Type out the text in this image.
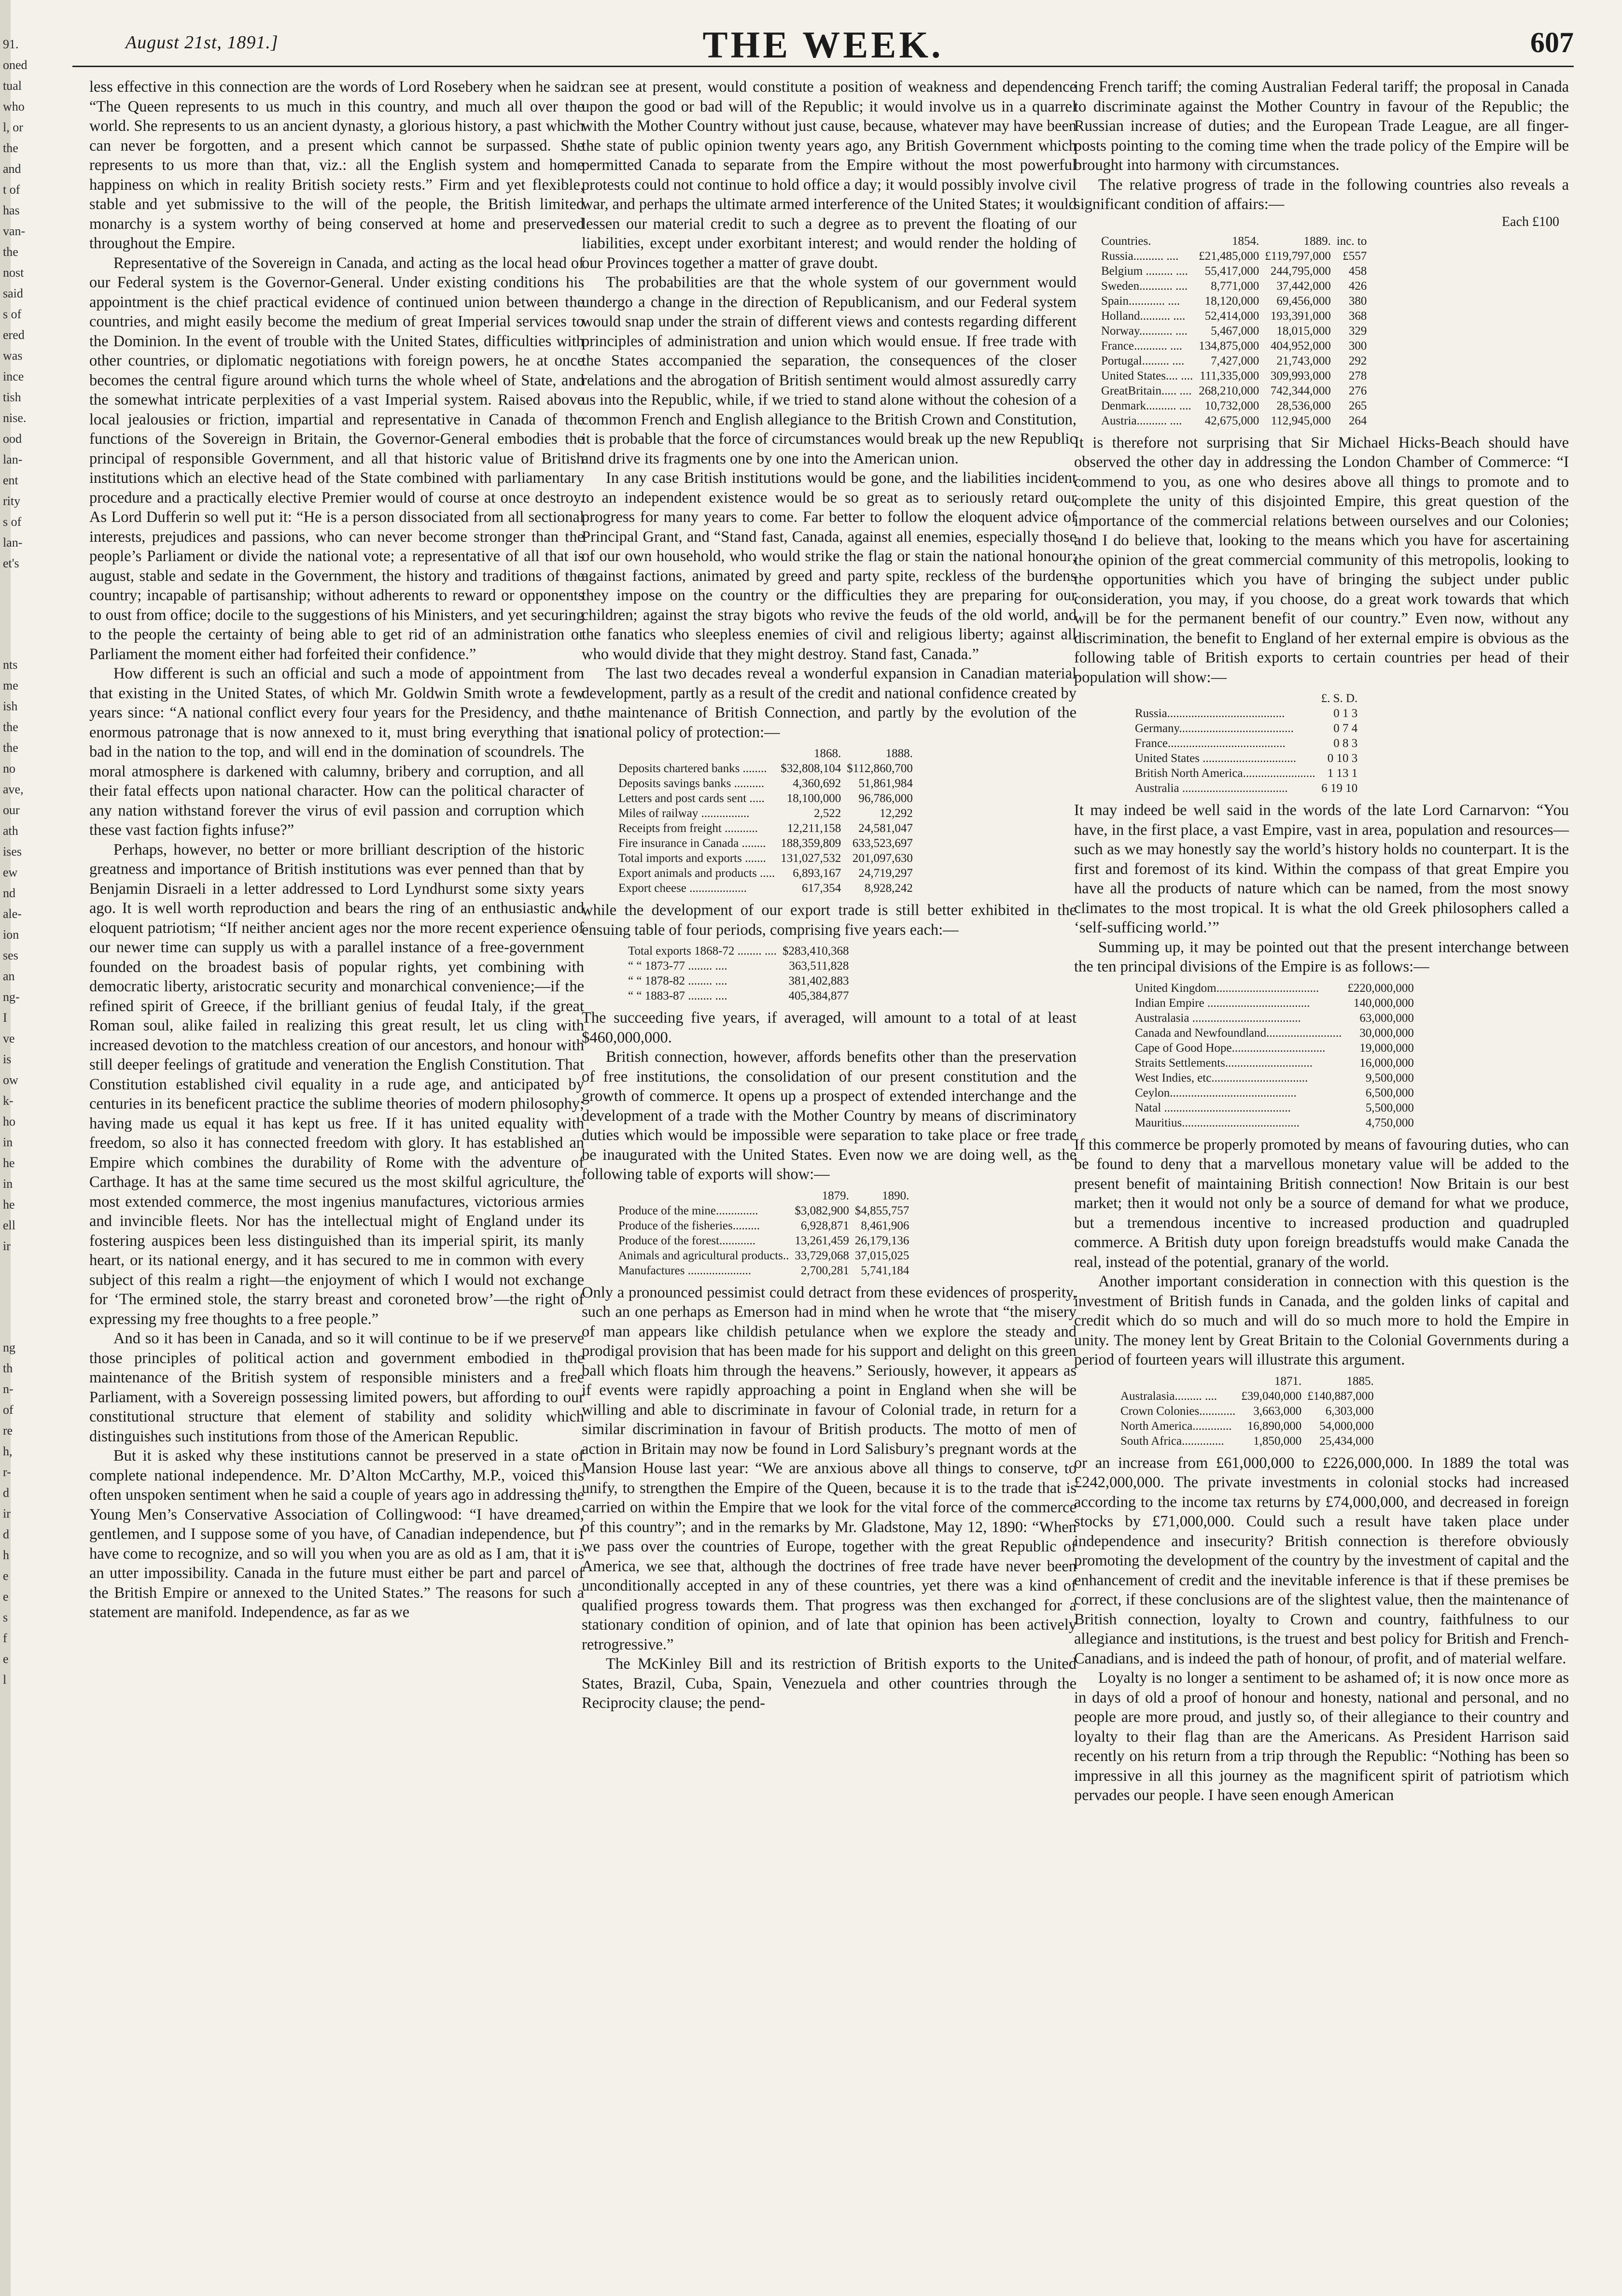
91.
oned
tual
who
l, or
the
and
t of
has
van-
the
nost
said
s of
ered
was
ince
tish
nise.
ood
lan-
ent
rity
s of
lan-
et's
nts
me
ish
the
the
no
ave,
our
ath
ises
ew
nd
ale-
ion
ses
an
ng-
I
ve
is
ow
k-
ho
in
he
in
he
ell
ir
ng
th
n-
of
re
h,
r-
d
ir
d
h
e
e
s
f
e
l
August 21st, 1891.]	THE WEEK.	607

less effective in this connection are the words of Lord Rosebery when he said: “The Queen represents to us much in this country, and much all over the world. She represents to us an ancient dynasty, a glorious history, a past which can never be forgotten, and a present which cannot be surpassed. She represents to us more than that, viz.: all the English system and home happiness on which in reality British society rests.” Firm and yet flexible, stable and yet submissive to the will of the people, the British limited monarchy is a system worthy of being conserved at home and preserved throughout the Empire.

Representative of the Sovereign in Canada, and acting as the local head of our Federal system is the Governor-General. Under existing conditions his appointment is the chief practical evidence of continued union between the countries, and might easily become the medium of great Imperial services to the Dominion. In the event of trouble with the United States, difficulties with other countries, or diplomatic negotiations with foreign powers, he at once becomes the central figure around which turns the whole wheel of State, and the somewhat intricate perplexities of a vast Imperial system. Raised above local jealousies or friction, impartial and representative in Canada of the functions of the Sovereign in Britain, the Governor-General embodies the principal of responsible Government, and all that historic value of British institutions which an elective head of the State combined with parliamentary procedure and a practically elective Premier would of course at once destroy. As Lord Dufferin so well put it: “He is a person dissociated from all sectional interests, prejudices and passions, who can never become stronger than the people’s Parliament or divide the national vote; a representative of all that is august, stable and sedate in the Government, the history and traditions of the country; incapable of partisanship; without adherents to reward or opponents to oust from office; docile to the suggestions of his Ministers, and yet securing to the people the certainty of being able to get rid of an administration or Parliament the moment either had forfeited their confidence.”

How different is such an official and such a mode of appointment from that existing in the United States, of which Mr. Goldwin Smith wrote a few years since: “A national conflict every four years for the Presidency, and the enormous patronage that is now annexed to it, must bring everything that is bad in the nation to the top, and will end in the domination of scoundrels. The moral atmosphere is darkened with calumny, bribery and corruption, and all their fatal effects upon national character. How can the political character of any nation withstand forever the virus of evil passion and corruption which these vast faction fights infuse?”

Perhaps, however, no better or more brilliant description of the historic greatness and importance of British institutions was ever penned than that by Benjamin Disraeli in a letter addressed to Lord Lyndhurst some sixty years ago. It is well worth reproduction and bears the ring of an enthusiastic and eloquent patriotism; “If neither ancient ages nor the more recent experience of our newer time can supply us with a parallel instance of a free-government founded on the broadest basis of popular rights, yet combining with democratic liberty, aristocratic security and monarchical convenience;—if the refined spirit of Greece, if the brilliant genius of feudal Italy, if the great Roman soul, alike failed in realizing this great result, let us cling with increased devotion to the matchless creation of our ancestors, and honour with still deeper feelings of gratitude and veneration the English Constitution. That Constitution established civil equality in a rude age, and anticipated by centuries in its beneficent practice the sublime theories of modern philosophy; having made us equal it has kept us free. If it has united equality with freedom, so also it has connected freedom with glory. It has established an Empire which combines the durability of Rome with the adventure of Carthage. It has at the same time secured us the most skilful agriculture, the most extended commerce, the most ingenius manufactures, victorious armies and invincible fleets. Nor has the intellectual might of England under its fostering auspices been less distinguished than its imperial spirit, its manly heart, or its national energy, and it has secured to me in common with every subject of this realm a right—the enjoyment of which I would not exchange for ‘The ermined stole, the starry breast and coroneted brow’—the right of expressing my free thoughts to a free people.”

And so it has been in Canada, and so it will continue to be if we preserve those principles of political action and government embodied in the maintenance of the British system of responsible ministers and a free Parliament, with a Sovereign possessing limited powers, but affording to our constitutional structure that element of stability and solidity which distinguishes such institutions from those of the American Republic.

But it is asked why these institutions cannot be preserved in a state of complete national independence. Mr. D’Alton McCarthy, M.P., voiced this often unspoken sentiment when he said a couple of years ago in addressing the Young Men’s Conservative Association of Collingwood: “I have dreamed, gentlemen, and I suppose some of you have, of Canadian independence, but I have come to recognize, and so will you when you are as old as I am, that it is an utter impossibility. Canada in the future must either be part and parcel of the British Empire or annexed to the United States.” The reasons for such a statement are manifold. Independence, as far as we

can see at present, would constitute a position of weakness and dependence upon the good or bad will of the Republic; it would involve us in a quarrel with the Mother Country without just cause, because, whatever may have been the state of public opinion twenty years ago, any British Government which permitted Canada to separate from the Empire without the most powerful protests could not continue to hold office a day; it would possibly involve civil war, and perhaps the ultimate armed interference of the United States; it would lessen our material credit to such a degree as to prevent the floating of our liabilities, except under exorbitant interest; and would render the holding of our Provinces together a matter of grave doubt.

The probabilities are that the whole system of our government would undergo a change in the direction of Republicanism, and our Federal system would snap under the strain of different views and contests regarding different principles of administration and union which would ensue. If free trade with the States accompanied the separation, the consequences of the closer relations and the abrogation of British sentiment would almost assuredly carry us into the Republic, while, if we tried to stand alone without the cohesion of a common French and English allegiance to the British Crown and Constitution, it is probable that the force of circumstances would break up the new Republic and drive its fragments one by one into the American union.

In any case British institutions would be gone, and the liabilities incident to an independent existence would be so great as to seriously retard our progress for many years to come. Far better to follow the eloquent advice of Principal Grant, and “Stand fast, Canada, against all enemies, especially those of our own household, who would strike the flag or stain the national honour; against factions, animated by greed and party spite, reckless of the burdens they impose on the country or the difficulties they are preparing for our children; against the stray bigots who revive the feuds of the old world, and the fanatics who sleepless enemies of civil and religious liberty; against all who would divide that they might destroy. Stand fast, Canada.”

The last two decades reveal a wonderful expansion in Canadian material development, partly as a result of the credit and national confidence created by the maintenance of British Connection, and partly by the evolution of the national policy of protection:—

	1868.	1888.
Deposits chartered banks ........	$32,808,104	$112,860,700
Deposits savings banks ..........	4,360,692	51,861,984
Letters and post cards sent .....	18,100,000	96,786,000
Miles of railway ................	2,522	12,292
Receipts from freight ...........	12,211,158	24,581,047
Fire insurance in Canada ........	188,359,809	633,523,697
Total imports and exports .......	131,027,532	201,097,630
Export animals and products .....	6,893,167	24,719,297
Export cheese ...................	617,354	8,928,242

while the development of our export trade is still better exhibited in the ensuing table of four periods, comprising five years each:—

Total exports 1868-72 ........ ....	$283,410,368
“ “ 1873-77 ........ ....	363,511,828
“ “ 1878-82 ........ ....	381,402,883
“ “ 1883-87 ........ ....	405,384,877

The succeeding five years, if averaged, will amount to a total of at least $460,000,000.

British connection, however, affords benefits other than the preservation of free institutions, the consolidation of our present constitution and the growth of commerce. It opens up a prospect of extended interchange and the development of a trade with the Mother Country by means of discriminatory duties which would be impossible were separation to take place or free trade be inaugurated with the United States. Even now we are doing well, as the following table of exports will show:—

	1879.	1890.
Produce of the mine..............	$3,082,900	$4,855,757
Produce of the fisheries.........	6,928,871	8,461,906
Produce of the forest............	13,261,459	26,179,136
Animals and agricultural products..	33,729,068	37,015,025
Manufactures .....................	2,700,281	5,741,184

Only a pronounced pessimist could detract from these evidences of prosperity, such an one perhaps as Emerson had in mind when he wrote that “the misery of man appears like childish petulance when we explore the steady and prodigal provision that has been made for his support and delight on this green ball which floats him through the heavens.” Seriously, however, it appears as if events were rapidly approaching a point in England when she will be willing and able to discriminate in favour of Colonial trade, in return for a similar discrimination in favour of British products. The motto of men of action in Britain may now be found in Lord Salisbury’s pregnant words at the Mansion House last year: “We are anxious above all things to conserve, to unify, to strengthen the Empire of the Queen, because it is to the trade that is carried on within the Empire that we look for the vital force of the commerce of this country”; and in the remarks by Mr. Gladstone, May 12, 1890: “When we pass over the countries of Europe, together with the great Republic of America, we see that, although the doctrines of free trade have never been unconditionally accepted in any of these countries, yet there was a kind of qualified progress towards them. That progress was then exchanged for a stationary condition of opinion, and of late that opinion has been actively retrogressive.”

The McKinley Bill and its restriction of British exports to the United States, Brazil, Cuba, Spain, Venezuela and other countries through the Reciprocity clause; the pend-

ing French tariff; the coming Australian Federal tariff; the proposal in Canada to discriminate against the Mother Country in favour of the Republic; the Russian increase of duties; and the European Trade League, are all finger-posts pointing to the coming time when the trade policy of the Empire will be brought into harmony with circumstances.

The relative progress of trade in the following countries also reveals a significant condition of affairs:—

Each £100
Countries.	1854.	1889.	inc. to
Russia.......... ....	£21,485,000	£119,797,000	£557
Belgium ......... ....	55,417,000	244,795,000	458
Sweden........... ....	8,771,000	37,442,000	426
Spain............ ....	18,120,000	69,456,000	380
Holland.......... ....	52,414,000	193,391,000	368
Norway........... ....	5,467,000	18,015,000	329
France........... ....	134,875,000	404,952,000	300
Portugal......... ....	7,427,000	21,743,000	292
United States.... ....	111,335,000	309,993,000	278
GreatBritain..... ....	268,210,000	742,344,000	276
Denmark.......... ....	10,732,000	28,536,000	265
Austria.......... ....	42,675,000	112,945,000	264

It is therefore not surprising that Sir Michael Hicks-Beach should have observed the other day in addressing the London Chamber of Commerce: “I commend to you, as one who desires above all things to promote and to complete the unity of this disjointed Empire, this great question of the importance of the commercial relations between ourselves and our Colonies; and I do believe that, looking to the means which you have for ascertaining the opinion of the great commercial community of this metropolis, looking to the opportunities which you have of bringing the subject under public consideration, you may, if you choose, do a great work towards that which will be for the permanent benefit of our country.” Even now, without any discrimination, the benefit to England of her external empire is obvious as the following table of British exports to certain countries per head of their population will show:—

	£. S. D.
Russia.......................................	0 1 3
Germany......................................	0 7 4
France.......................................	0 8 3
United States ...............................	0 10 3
British North America........................	1 13 1
Australia ...................................	6 19 10

It may indeed be well said in the words of the late Lord Carnarvon: “You have, in the first place, a vast Empire, vast in area, population and resources—such as we may honestly say the world’s history holds no counterpart. It is the first and foremost of its kind. Within the compass of that great Empire you have all the products of nature which can be named, from the most snowy climates to the most tropical. It is what the old Greek philosophers called a ‘self-sufficing world.’”

Summing up, it may be pointed out that the present interchange between the ten principal divisions of the Empire is as follows:—

United Kingdom..................................	£220,000,000
Indian Empire ..................................	140,000,000
Australasia ....................................	63,000,000
Canada and Newfoundland.........................	30,000,000
Cape of Good Hope...............................	19,000,000
Straits Settlements.............................	16,000,000
West Indies, etc................................	9,500,000
Ceylon..........................................	6,500,000
Natal ..........................................	5,500,000
Mauritius.......................................	4,750,000

If this commerce be properly promoted by means of favouring duties, who can be found to deny that a marvellous monetary value will be added to the present benefit of maintaining British connection! Now Britain is our best market; then it would not only be a source of demand for what we produce, but a tremendous incentive to increased production and quadrupled commerce. A British duty upon foreign breadstuffs would make Canada the real, instead of the potential, granary of the world.

Another important consideration in connection with this question is the investment of British funds in Canada, and the golden links of capital and credit which do so much and will do so much more to hold the Empire in unity. The money lent by Great Britain to the Colonial Governments during a period of fourteen years will illustrate this argument.

	1871.	1885.
Australasia......... ....	£39,040,000	£140,887,000
Crown Colonies............	3,663,000	6,303,000
North America.............	16,890,000	54,000,000
South Africa..............	1,850,000	25,434,000

or an increase from £61,000,000 to £226,000,000. In 1889 the total was £242,000,000. The private investments in colonial stocks had increased according to the income tax returns by £74,000,000, and decreased in foreign stocks by £71,000,000. Could such a result have taken place under independence and insecurity? British connection is therefore obviously promoting the development of the country by the investment of capital and the enhancement of credit and the inevitable inference is that if these premises be correct, if these conclusions are of the slightest value, then the maintenance of British connection, loyalty to Crown and country, faithfulness to our allegiance and institutions, is the truest and best policy for British and French-Canadians, and is indeed the path of honour, of profit, and of material welfare.

Loyalty is no longer a sentiment to be ashamed of; it is now once more as in days of old a proof of honour and honesty, national and personal, and no people are more proud, and justly so, of their allegiance to their country and loyalty to their flag than are the Americans. As President Harrison said recently on his return from a trip through the Republic: “Nothing has been so impressive in all this journey as the magnificent spirit of patriotism which pervades our people. I have seen enough American
